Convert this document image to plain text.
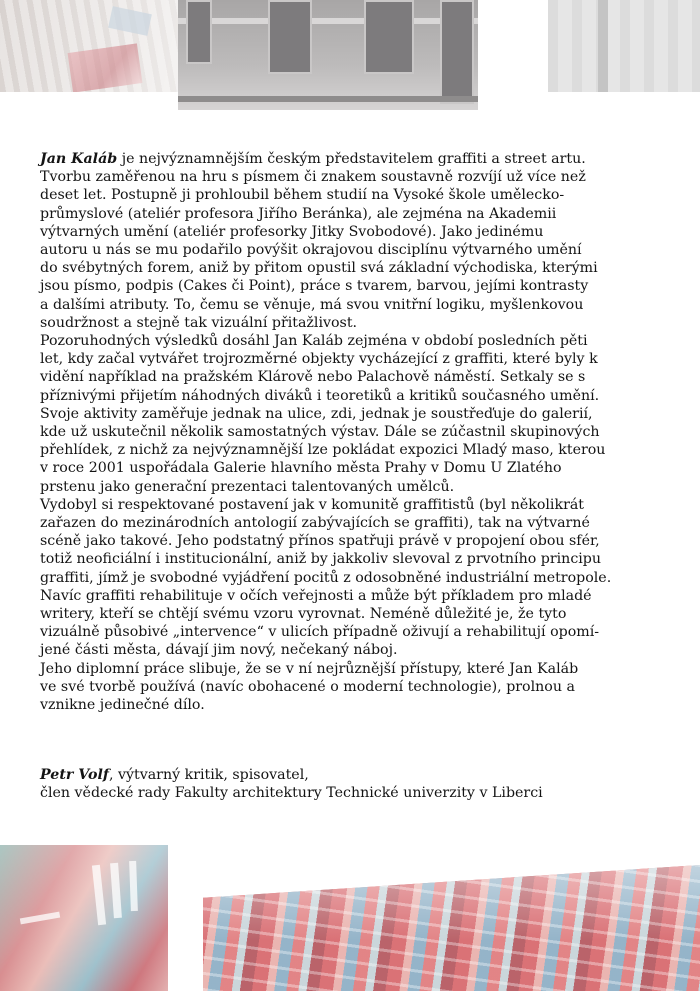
Jan Kaláb je nejvýznamnějším českým představitelem graffiti a street artu.
Tvorbu zaměřenou na hru s písmem či znakem soustavně rozvíjí už více než
deset let. Postupně ji prohloubil během studií na Vysoké škole umělecko-
průmyslové (ateliér profesora Jiřího Beránka), ale zejména na Akademii
výtvarných umění (ateliér profesorky Jitky Svobodové). Jako jedinému
autoru u nás se mu podařilo povýšit okrajovou disciplínu výtvarného umění
do svébytných forem, aniž by přitom opustil svá základní východiska, kterými
jsou písmo, podpis (Cakes či Point), práce s tvarem, barvou, jejími kontrasty
a dalšími atributy. To, čemu se věnuje, má svou vnitřní logiku, myšlenkovou
soudržnost a stejně tak vizuální přitažlivost.

Pozoruhodných výsledků dosáhl Jan Kaláb zejména v období posledních pěti
let, kdy začal vytvářet trojrozměrné objekty vycházející z graffiti, které byly k
vidění například na pražském Klárově nebo Palachově náměstí. Setkaly se s
příznivými přijetím náhodných diváků i teoretiků a kritiků současného umění.
Svoje aktivity zaměřuje jednak na ulice, zdi, jednak je soustřeďuje do galerií,
kde už uskutečnil několik samostatných výstav. Dále se zúčastnil skupinových
přehlídek, z nichž za nejvýznamnější lze pokládat expozici Mladý maso, kterou
v roce 2001 uspořádala Galerie hlavního města Prahy v Domu U Zlatého
prstenu jako generační prezentaci talentovaných umělců.

Vydobyl si respektované postavení jak v komunitě graffitistů (byl několikrát
zařazen do mezinárodních antologií zabývajících se graffiti), tak na výtvarné
scéně jako takové. Jeho podstatný přínos spatřuji právě v propojení obou sfér,
totiž neoficiální i institucionální, aniž by jakkoliv slevoval z prvotního principu
graffiti, jímž je svobodné vyjádření pocitů z odosobněné industriální metropole.
Navíc graffiti rehabilituje v očích veřejnosti a může být příkladem pro mladé
writery, kteří se chtějí svému vzoru vyrovnat. Neméně důležité je, že tyto
vizuálně působivé „intervence“ v ulicích případně oživují a rehabilitují opomí-
jené části města, dávají jim nový, nečekaný náboj.

Jeho diplomní práce slibuje, že se v ní nejrůznější přístupy, které Jan Kaláb
ve své tvorbě používá (navíc obohacené o moderní technologie), prolnou a
vznikne jedinečné dílo.

Petr Volf, výtvarný kritik, spisovatel,
člen vědecké rady Fakulty architektury Technické univerzity v Liberci
